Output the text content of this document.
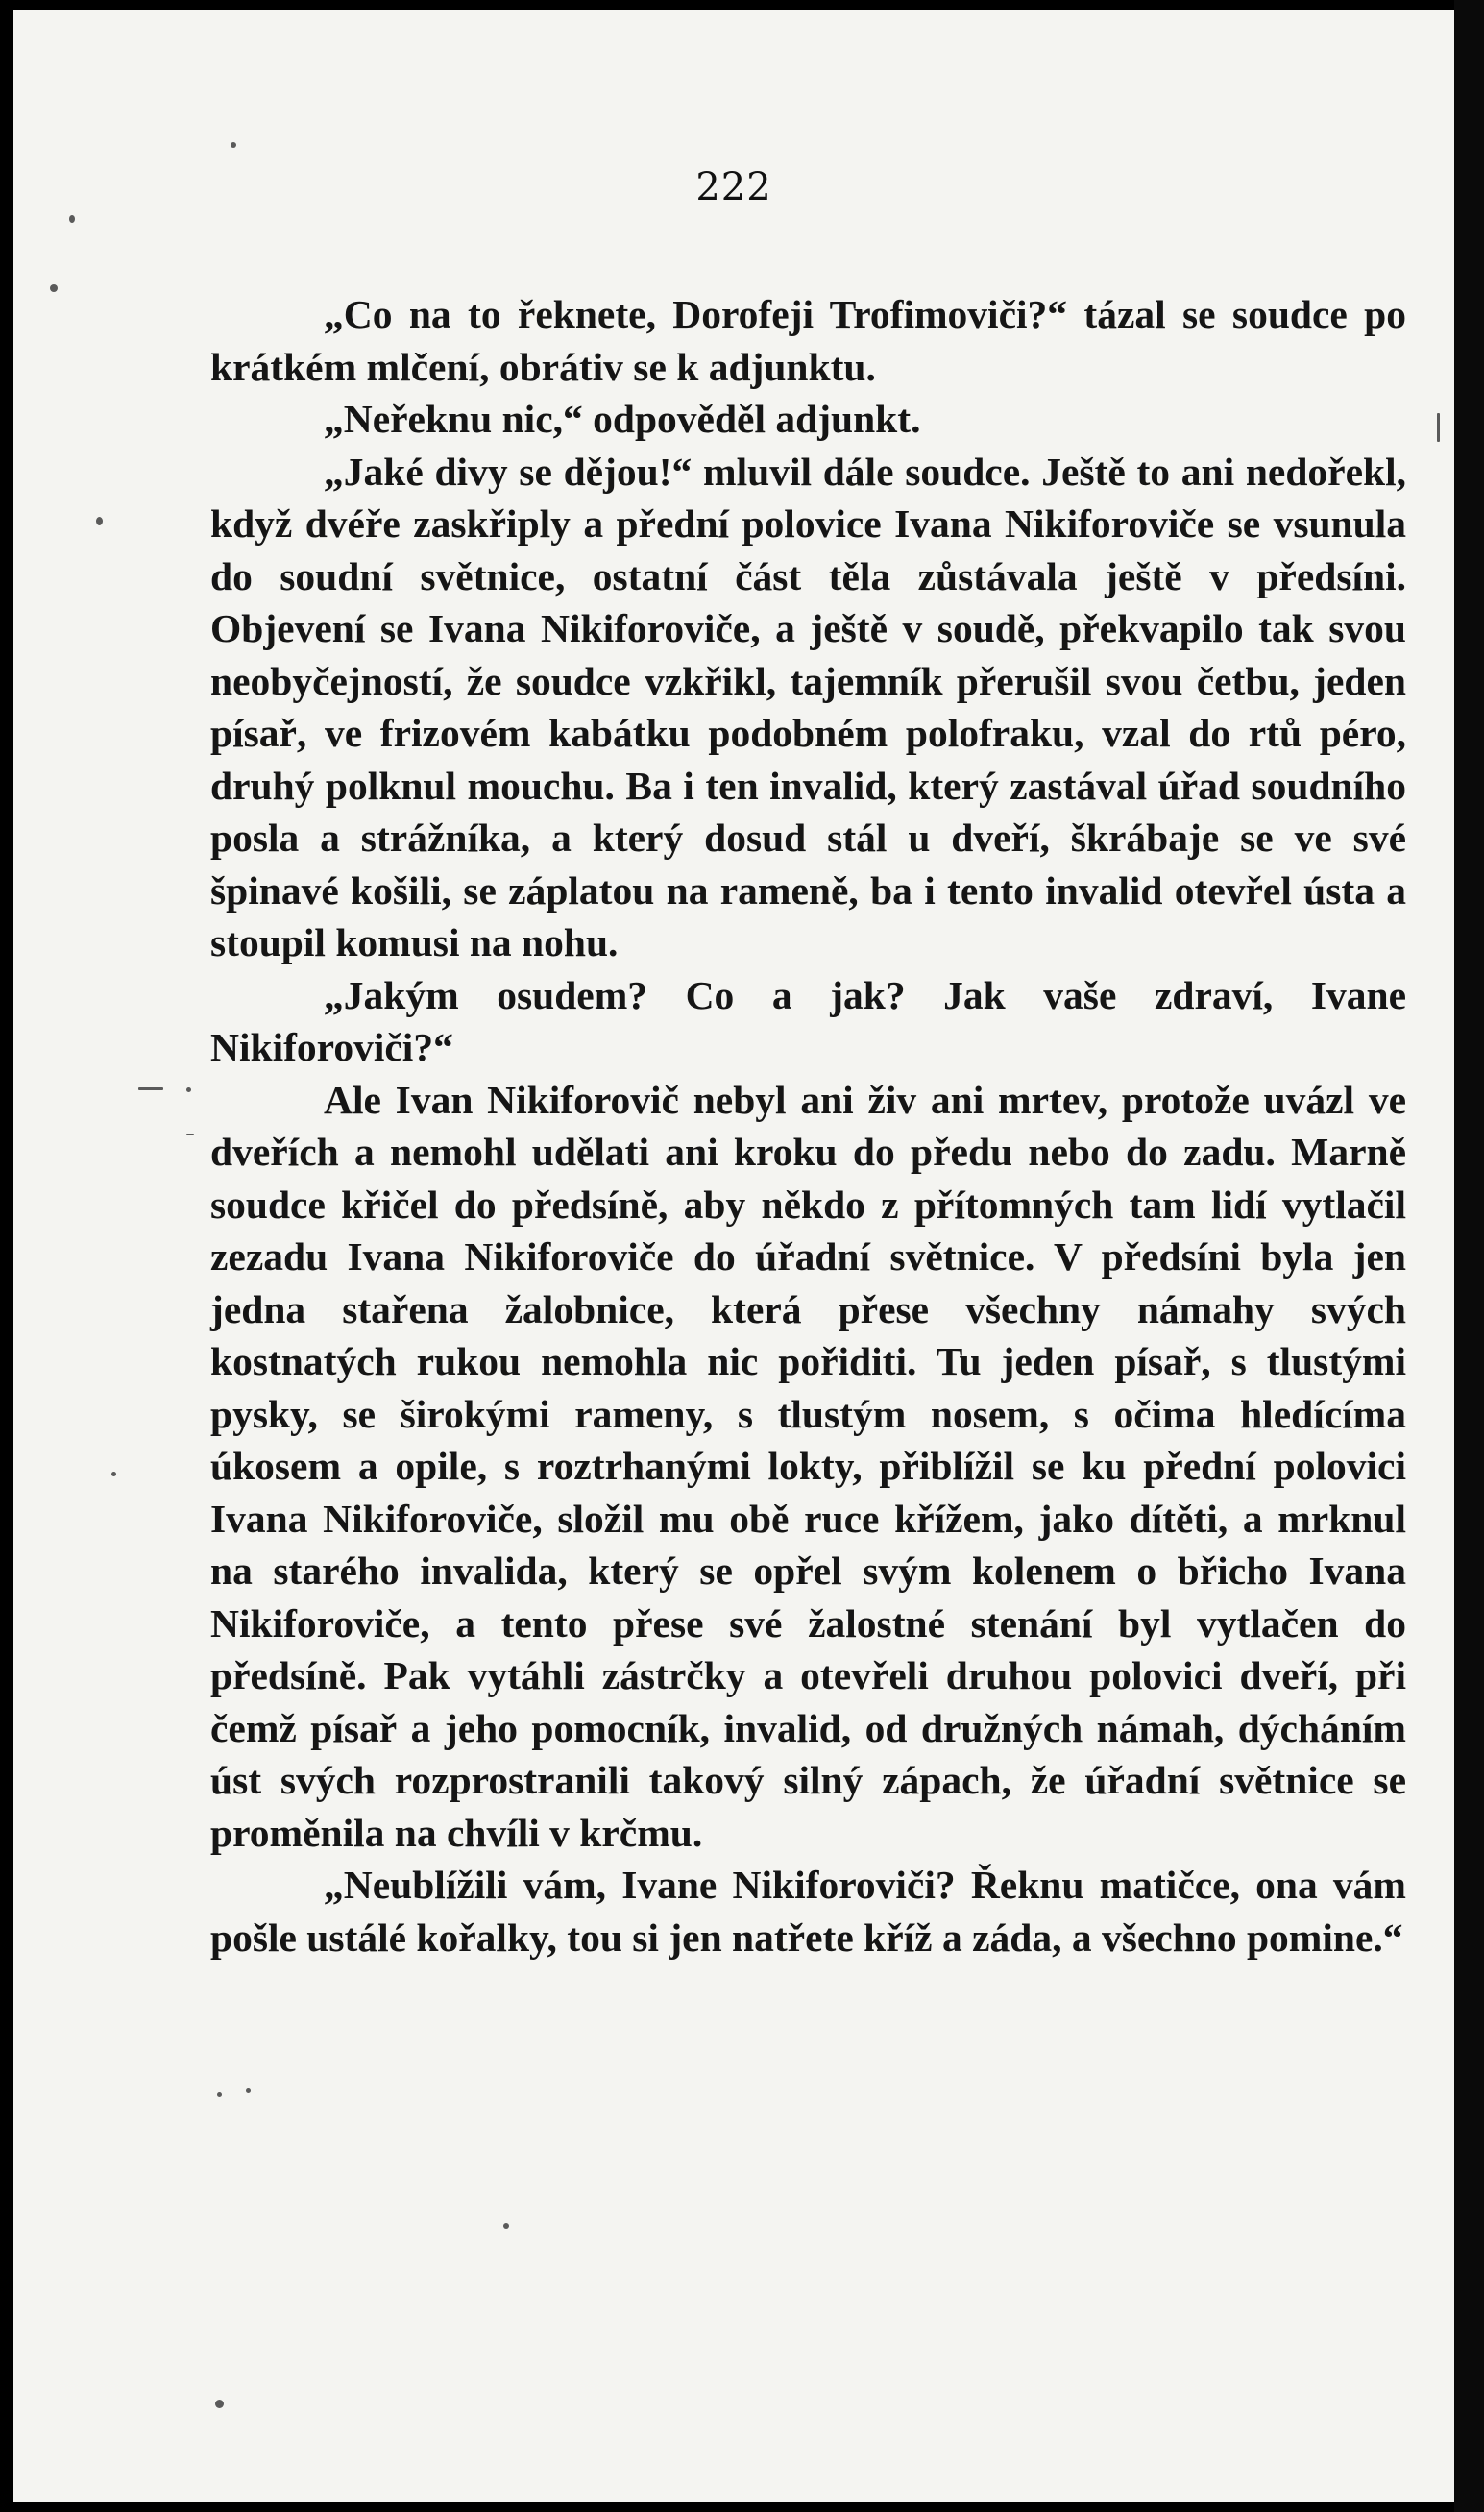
222

„Co na to řeknete, Dorofeji Trofimoviči?“ tázal se soudce po krátkém mlčení, obrátiv se k adjunktu.

„Neřeknu nic,“ odpověděl adjunkt.

„Jaké divy se dějou!“ mluvil dále soudce. Ještě to ani nedořekl, když dvéře zaskřiply a přední polovice Ivana Nikiforoviče se vsunula do soudní světnice, ostatní část těla zůstávala ještě v předsíni. Objevení se Ivana Nikiforoviče, a ještě v soudě, překvapilo tak svou neobyčejností, že soudce vzkřikl, tajemník přerušil svou četbu, jeden písař, ve frizovém kabátku podobném polofraku, vzal do rtů péro, druhý polknul mouchu. Ba i ten invalid, který zastával úřad soudního posla a strážníka, a který dosud stál u dveří, škrábaje se ve své špinavé košili, se záplatou na rameně, ba i tento invalid otevřel ústa a stoupil komusi na nohu.

„Jakým osudem? Co a jak? Jak vaše zdraví, Ivane Nikiforoviči?“

Ale Ivan Nikiforovič nebyl ani živ ani mrtev, protože uvázl ve dveřích a nemohl udělati ani kroku do předu nebo do zadu. Marně soudce křičel do předsíně, aby někdo z přítomných tam lidí vytlačil zezadu Ivana Nikiforoviče do úřadní světnice. V předsíni byla jen jedna stařena žalobnice, která přese všechny námahy svých kostnatých rukou nemohla nic pořiditi. Tu jeden písař, s tlustými pysky, se širokými rameny, s tlustým nosem, s očima hledícíma úkosem a opile, s roztrhanými lokty, přiblížil se ku přední polovici Ivana Nikiforoviče, složil mu obě ruce křížem, jako dítěti, a mrknul na starého invalida, který se opřel svým kolenem o břicho Ivana Nikiforoviče, a tento přese své žalostné stenání byl vytlačen do předsíně. Pak vytáhli zástrčky a otevřeli druhou polovici dveří, při čemž písař a jeho pomocník, invalid, od družných námah, dýcháním úst svých rozprostranili takový silný zápach, že úřadní světnice se proměnila na chvíli v krčmu.

„Neublížili vám, Ivane Nikiforoviči? Řeknu matičce, ona vám pošle ustálé kořalky, tou si jen natřete kříž a záda, a všechno pomine.“
